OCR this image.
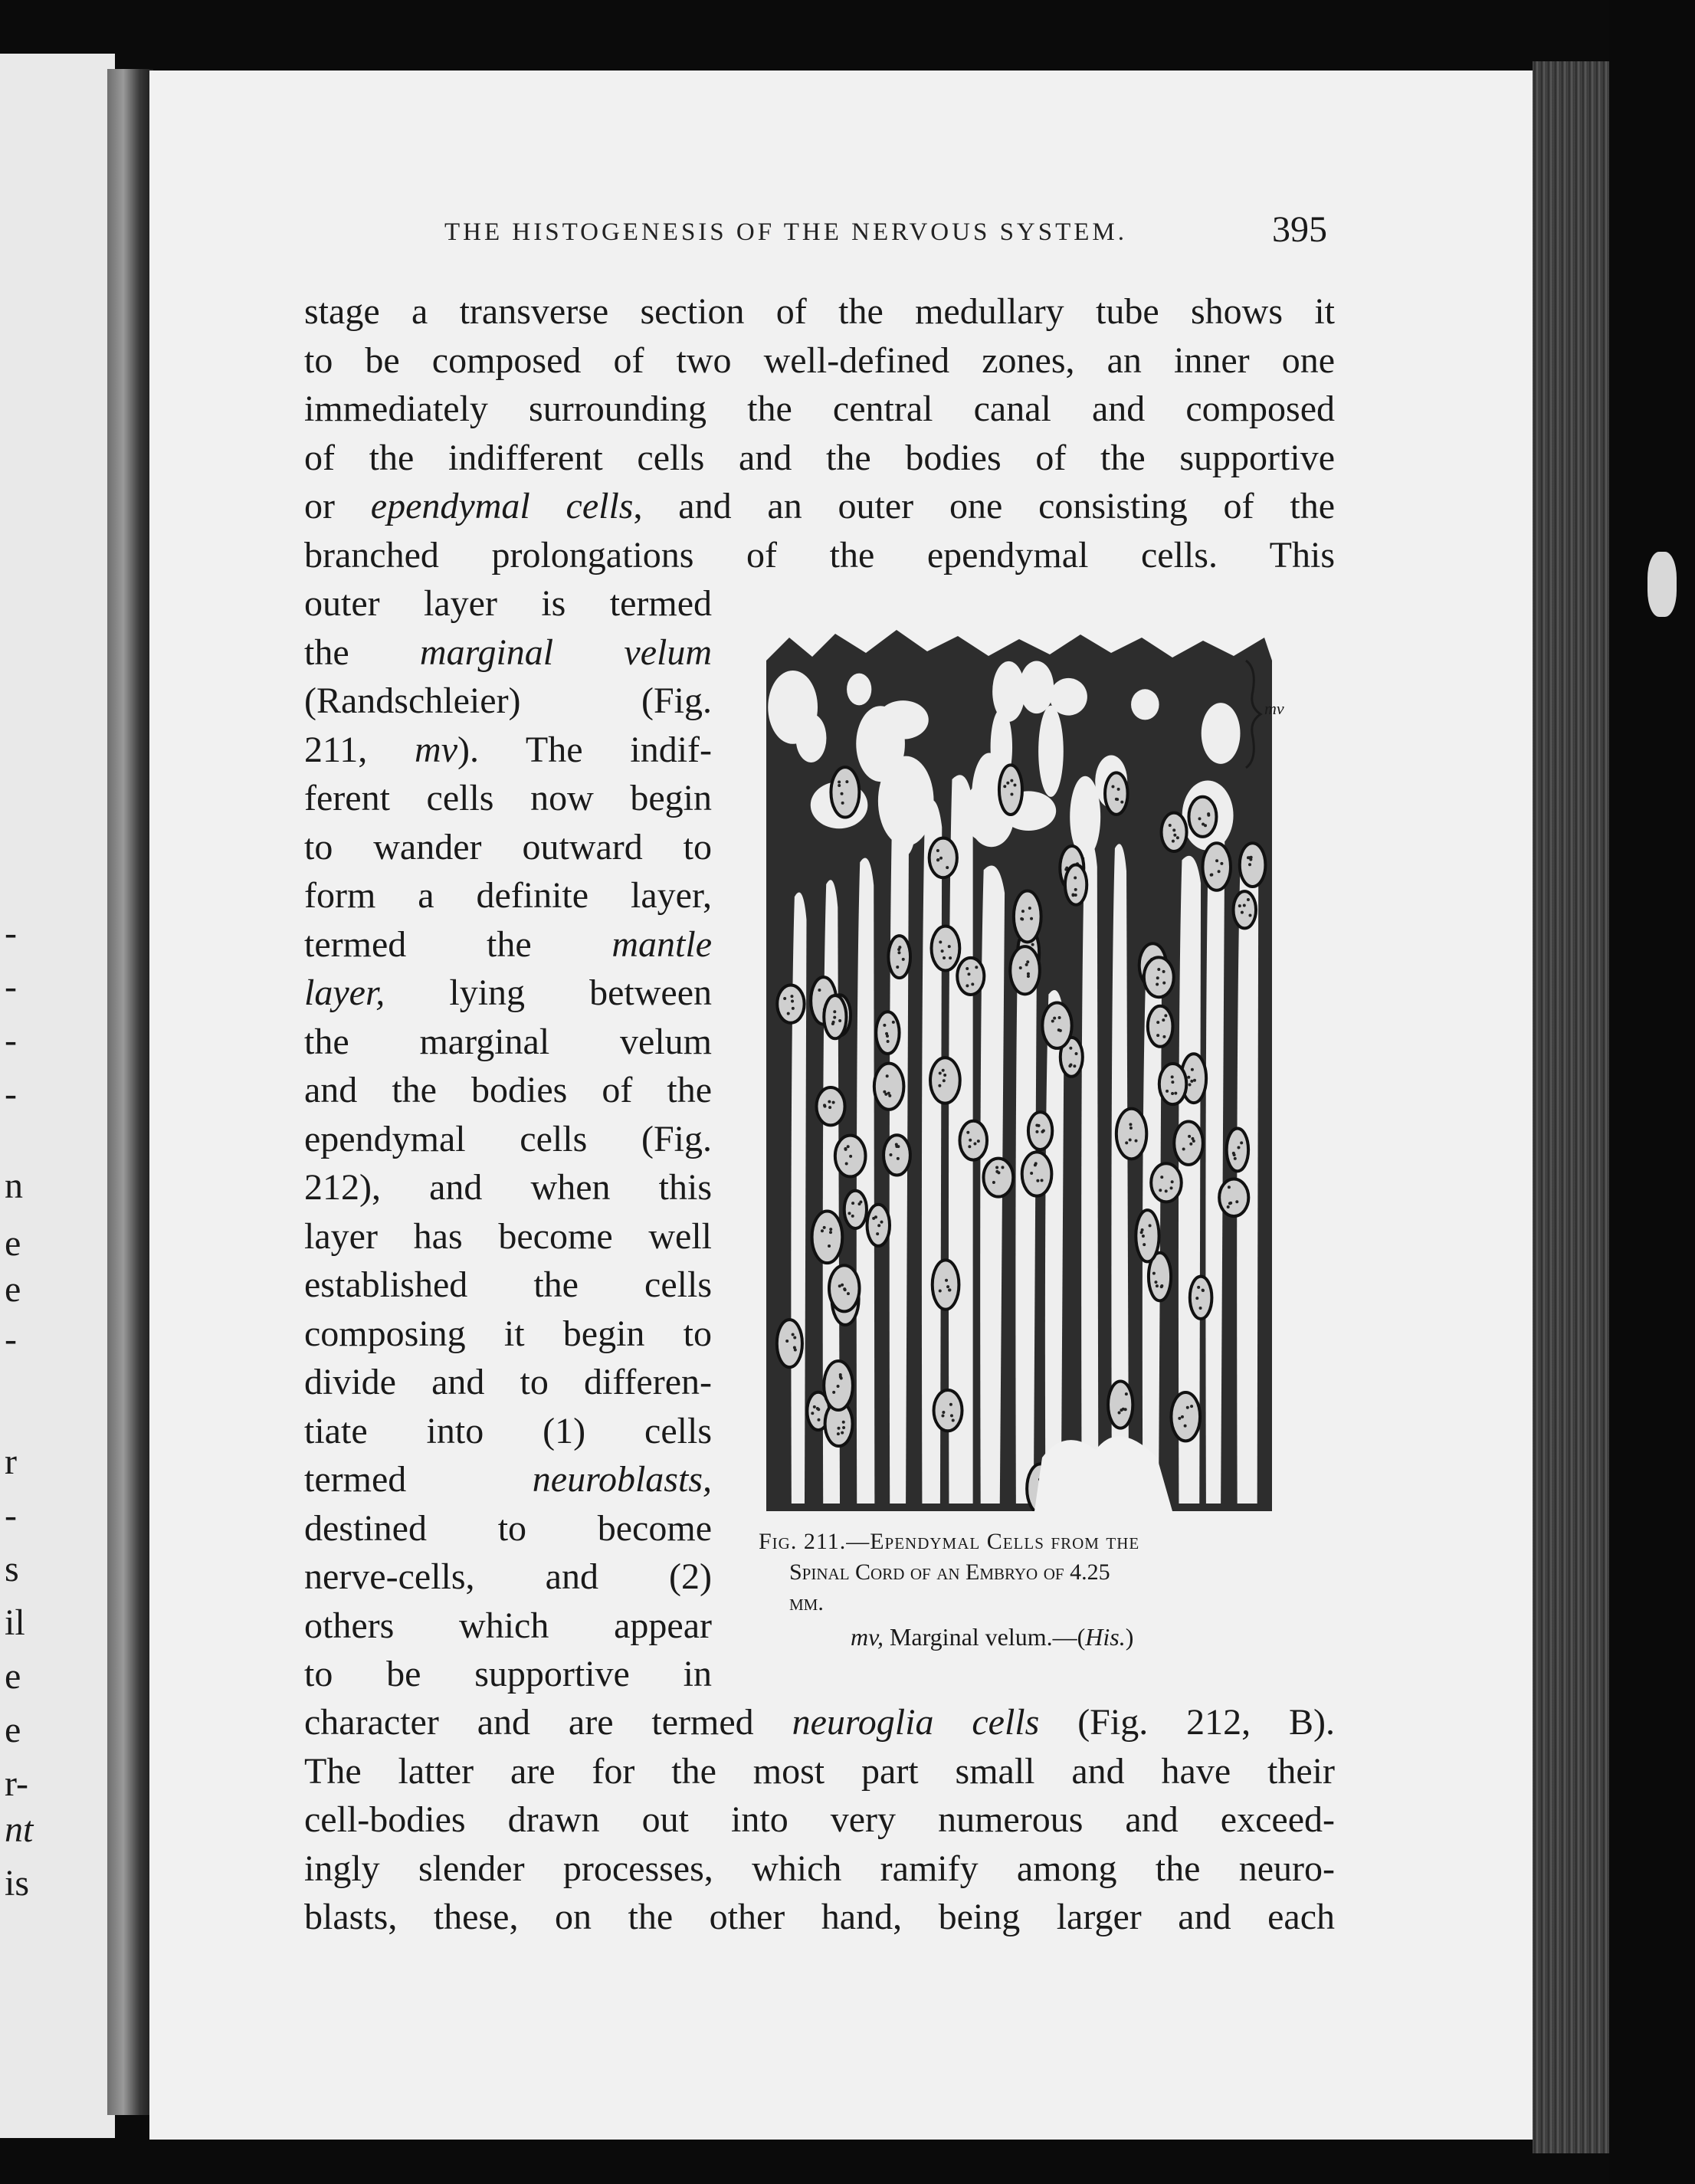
-
-
-
-
n
e
e
-
r
-
s
il
e
e
r-
nt
is
THE HISTOGENESIS OF THE NERVOUS SYSTEM.	395
stage a transverse section of the medullary tube shows it
to be composed of two well-defined zones, an inner one
immediately surrounding the central canal and composed
of the indifferent cells and the bodies of the supportive
or ependymal cells, and an outer one consisting of the
branched prolongations of the ependymal cells. This
outer layer is termed
the marginal velum
(Randschleier) (Fig.
211, mv). The indif-
ferent cells now begin
to wander outward to
form a definite layer,
termed the mantle
layer, lying between
the marginal velum
and the bodies of the
ependymal cells (Fig.
212), and when this
layer has become well
established the cells
composing it begin to
divide and to differen-
tiate into (1) cells
termed neuroblasts,
destined to become
nerve-cells, and (2)
others which appear
to be supportive in
character and are termed neuroglia cells (Fig. 212, B).
The latter are for the most part small and have their
cell-bodies drawn out into very numerous and exceed-
ingly slender processes, which ramify among the neuro-
blasts, these, on the other hand, being larger and each
mv
Fig. 211.—Ependymal Cells from the
Spinal Cord of an Embryo of 4.25
mm.
mv, Marginal velum.—(His.)
